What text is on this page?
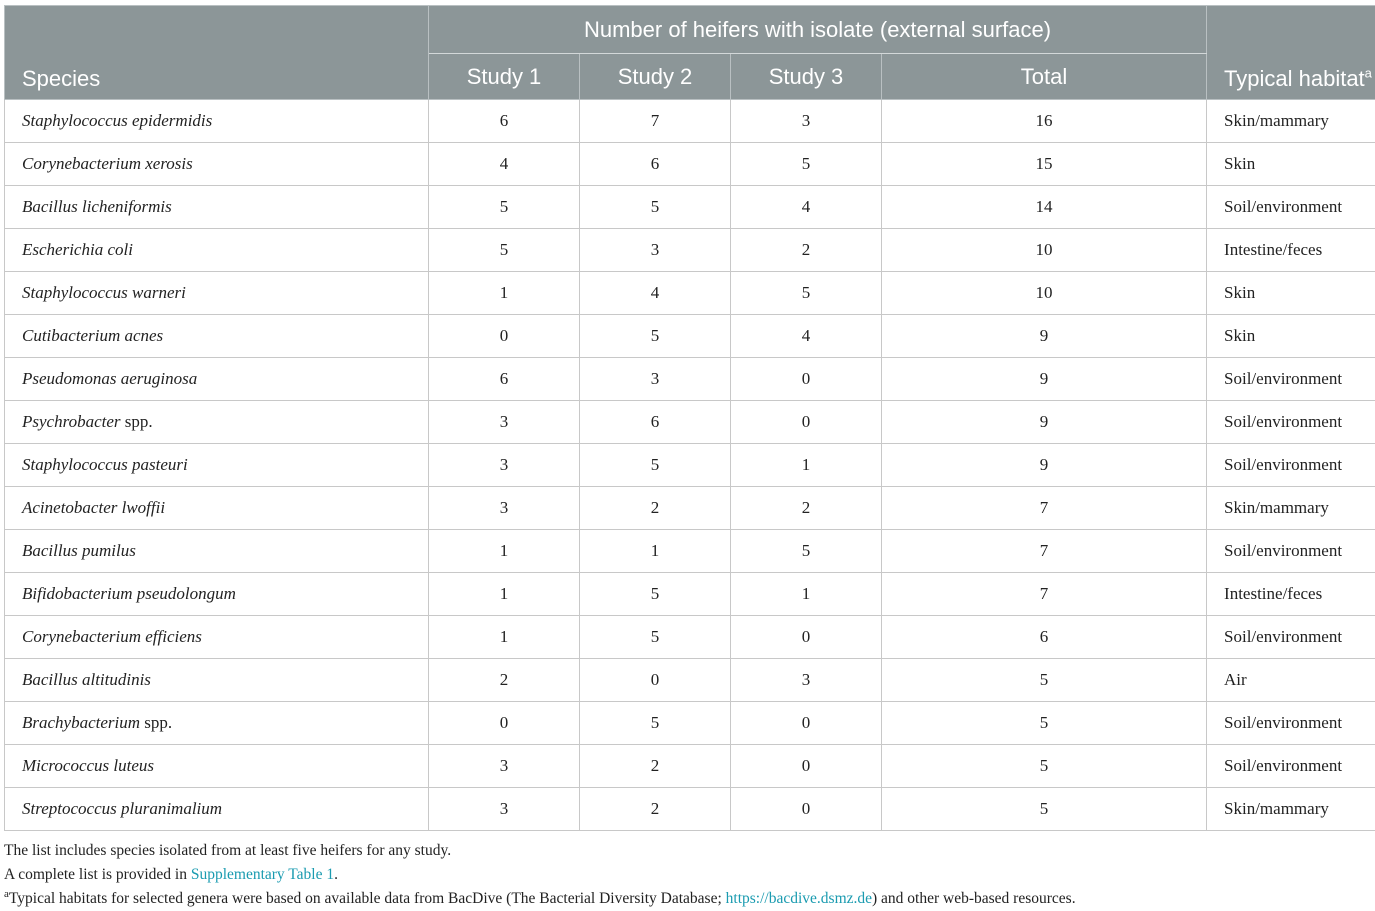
Species	Number of heifers with isolate (external surface)				Typical habitat$^a$
	Study 1	Study 2	Study 3	Total	
Staphylococcus epidermidis	6	7	3	16	Skin/mammary
Corynebacterium xerosis	4	6	5	15	Skin
Bacillus licheniformis	5	5	4	14	Soil/environment
Escherichia coli	5	3	2	10	Intestine/feces
Staphylococcus warneri	1	4	5	10	Skin
Cutibacterium acnes	0	5	4	9	Skin
Pseudomonas aeruginosa	6	3	0	9	Soil/environment
Psychrobacter spp.	3	6	0	9	Soil/environment
Staphylococcus pasteuri	3	5	1	9	Soil/environment
Acinetobacter lwoffii	3	2	2	7	Skin/mammary
Bacillus pumilus	1	1	5	7	Soil/environment
Bifidobacterium pseudolongum	1	5	1	7	Intestine/feces
Corynebacterium efficiens	1	5	0	6	Soil/environment
Bacillus altitudinis	2	0	3	5	Air
Brachybacterium spp.	0	5	0	5	Soil/environment
Micrococcus luteus	3	2	0	5	Soil/environment
Streptococcus pluranimalium	3	2	0	5	Skin/mammary
The list includes species isolated from at least five heifers for any study.
A complete list is provided in Supplementary Table 1.
$^a$Typical habitats for selected genera were based on available data from BacDive (The Bacterial Diversity Database; https://bacdive.dsmz.de) and other web-based resources.
